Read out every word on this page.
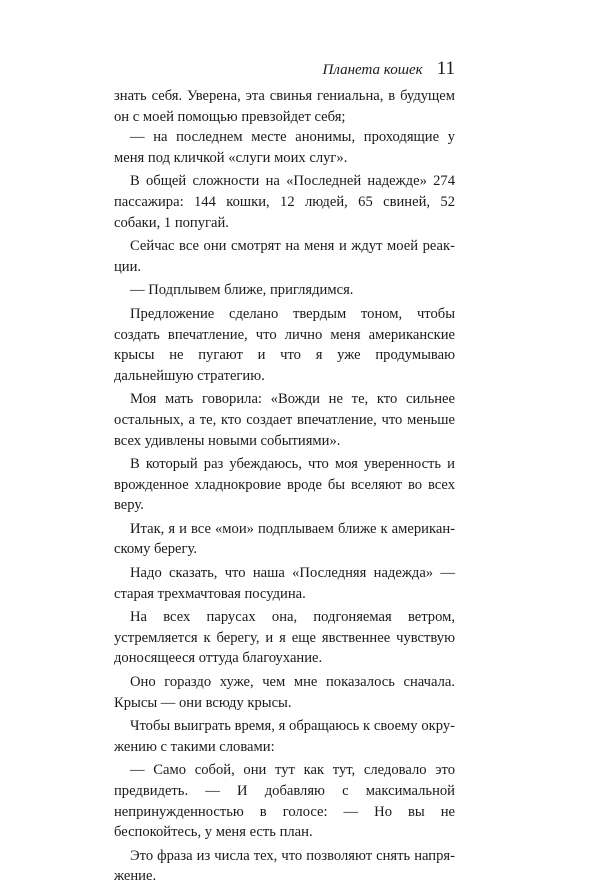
Планета кошек 11

знать себя. Уверена, эта свинья гениальна, в будущем он с моей помощью превзойдет себя;

— на последнем месте анонимы, проходящие у меня под кличкой «слуги моих слуг».

В общей сложности на «Последней надежде» 274 пассажира: 144 кошки, 12 людей, 65 свиней, 52 собаки, 1 попугай.

Сейчас все они смотрят на меня и ждут моей реакции.

— Подплывем ближе, приглядимся.

Предложение сделано твердым тоном, чтобы создать впечатление, что лично меня американские крысы не пугают и что я уже продумываю дальнейшую стратегию.

Моя мать говорила: «Вожди не те, кто сильнее остальных, а те, кто создает впечатление, что меньше всех удивлены новыми событиями».

В который раз убеждаюсь, что моя уверенность и врожденное хладнокровие вроде бы вселяют во всех веру.

Итак, я и все «мои» подплываем ближе к американскому берегу.

Надо сказать, что наша «Последняя надежда» — старая трехмачтовая посудина.

На всех парусах она, подгоняемая ветром, устремляется к берегу, и я еще явственнее чувствую доносящееся оттуда благоухание.

Оно гораздо хуже, чем мне показалось сначала. Крысы — они всюду крысы.

Чтобы выиграть время, я обращаюсь к своему окружению с такими словами:

— Само собой, они тут как тут, следовало это предвидеть. — И добавляю с максимальной непринужденностью в голосе: — Но вы не беспокойтесь, у меня есть план.

Это фраза из числа тех, что позволяют снять напряжение.
